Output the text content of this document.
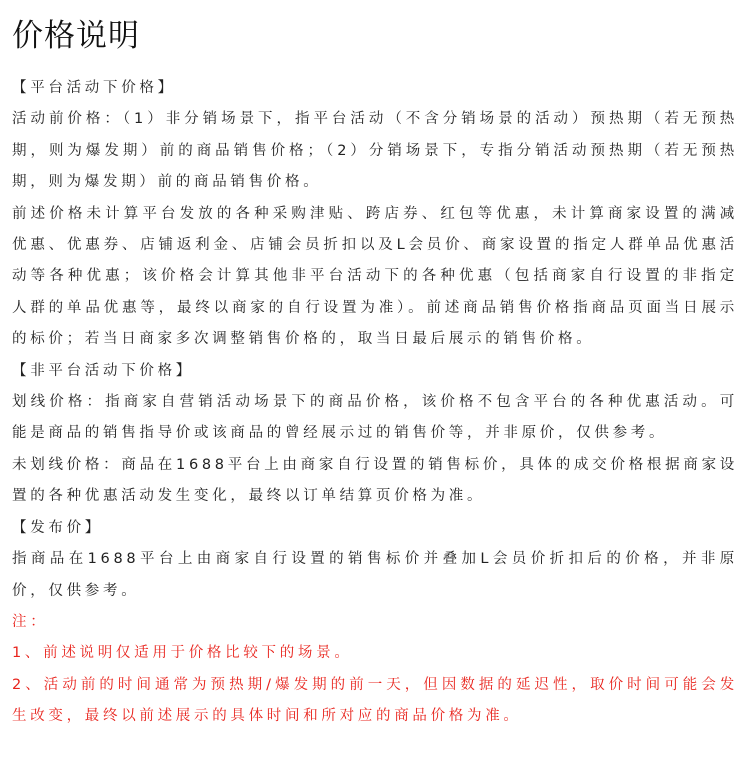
价格说明

【平台活动下价格】

活动前价格：（1）非分销场景下，指平台活动（不含分销场景的活动）预热期（若无预热期，则为爆发期）前的商品销售价格；（2）分销场景下，专指分销活动预热期（若无预热期，则为爆发期）前的商品销售价格。

前述价格未计算平台发放的各种采购津贴、跨店券、红包等优惠，未计算商家设置的满减优惠、优惠券、店铺返利金、店铺会员折扣以及L会员价、商家设置的指定人群单品优惠活动等各种优惠；该价格会计算其他非平台活动下的各种优惠（包括商家自行设置的非指定人群的单品优惠等，最终以商家的自行设置为准）。前述商品销售价格指商品页面当日展示的标价；若当日商家多次调整销售价格的，取当日最后展示的销售价格。

【非平台活动下价格】

划线价格：指商家自营销活动场景下的商品价格，该价格不包含平台的各种优惠活动。可能是商品的销售指导价或该商品的曾经展示过的销售价等，并非原价，仅供参考。

未划线价格：商品在1688平台上由商家自行设置的销售标价，具体的成交价格根据商家设置的各种优惠活动发生变化，最终以订单结算页价格为准。

【发布价】

指商品在1688平台上由商家自行设置的销售标价并叠加L会员价折扣后的价格，并非原价，仅供参考。

注：

1、前述说明仅适用于价格比较下的场景。

2、活动前的时间通常为预热期/爆发期的前一天，但因数据的延迟性，取价时间可能会发生改变，最终以前述展示的具体时间和所对应的商品价格为准。
